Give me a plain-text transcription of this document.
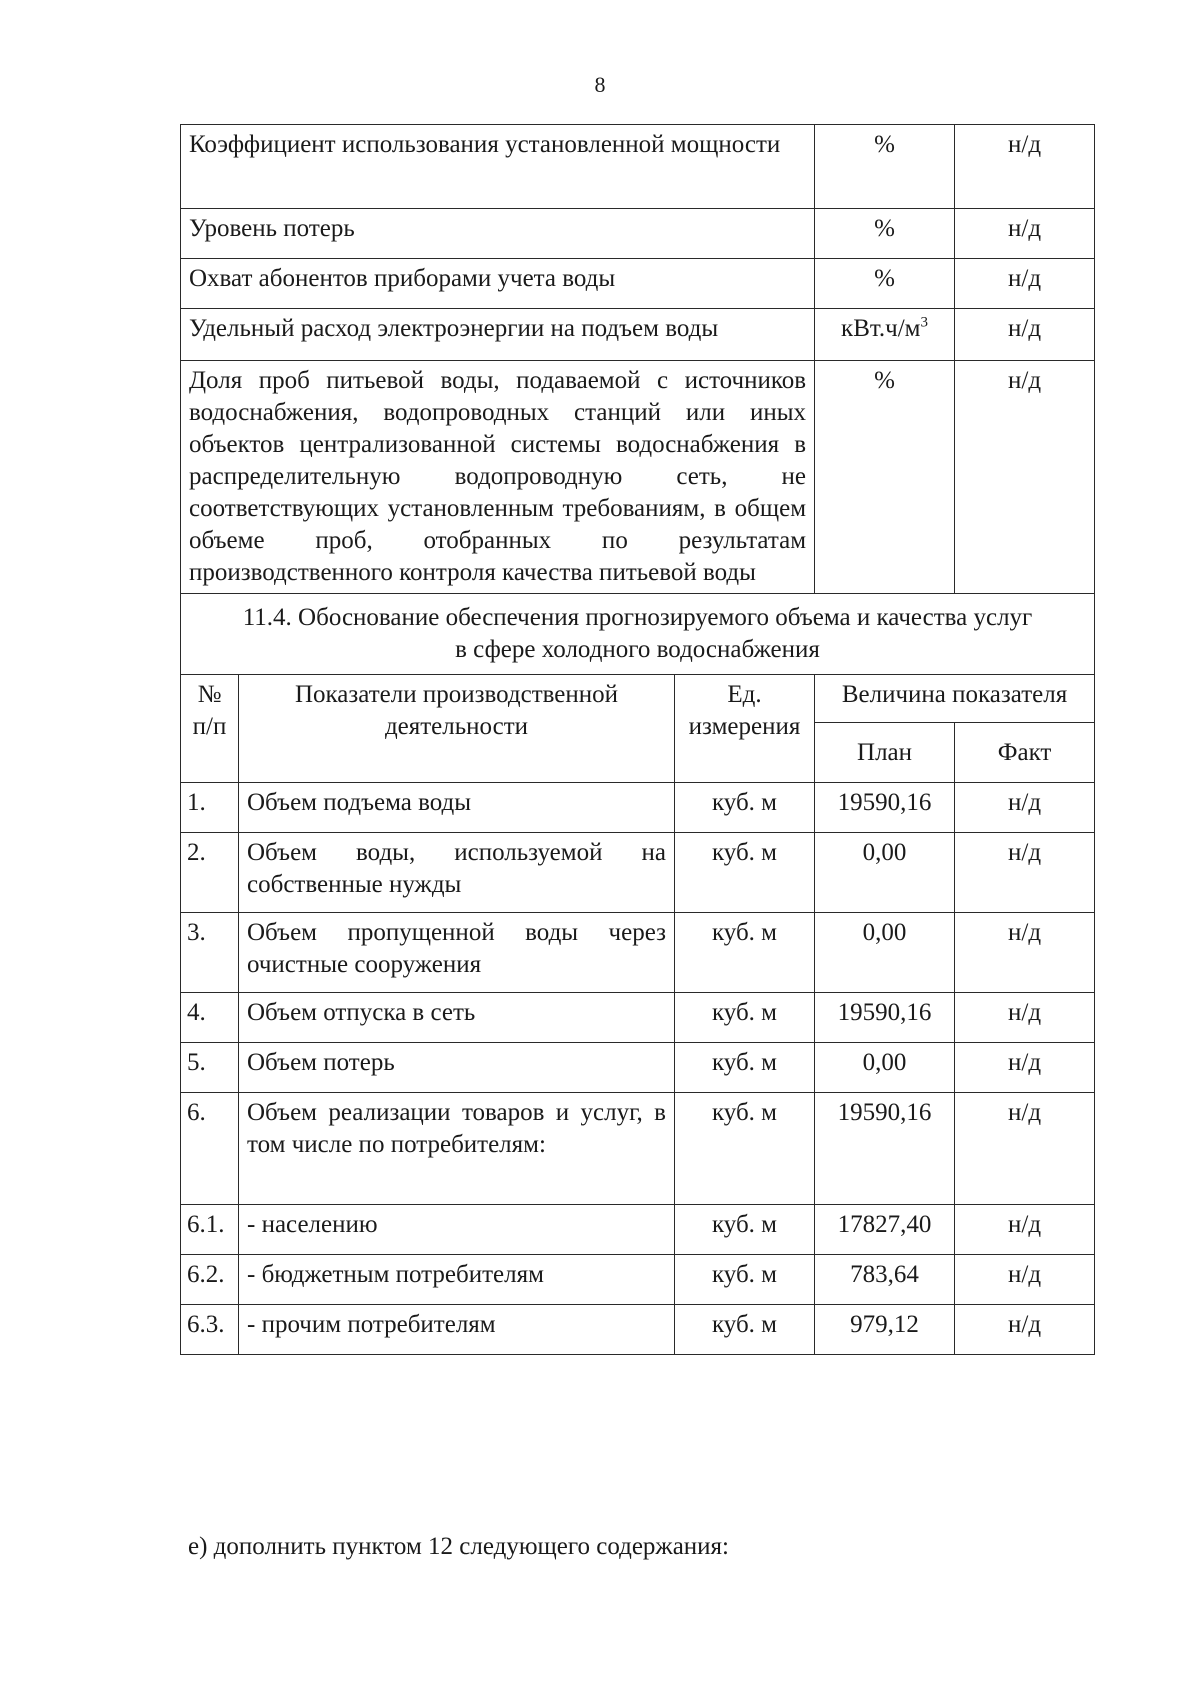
8
Коэффициент использования установленной мощности			%	н/д
Уровень потерь			%	н/д
Охват абонентов приборами учета воды			%	н/д
Удельный расход электроэнергии на подъем воды			$кВт.ч/м^3$	н/д
Доля проб питьевой воды, подаваемой с источников водоснабжения, водопроводных станций или иных объектов централизованной системы водоснабжения в распределительную водопроводную сеть, не соответствующих установленным требованиям, в общем объеме проб, отобранных по результатам производственного контроля качества питьевой воды			%	н/д

11.4. Обоснование обеспечения прогнозируемого объема и качества услуг
в сфере холодного водоснабжения				

№ п/п	Показатели производственной деятельности	Ед. измерения	Величина показателя	
			План	Факт
1.	Объем подъема воды	куб. м	19590,16	н/д
2.	Объем воды, используемой на собственные нужды	куб. м	0,00	н/д
3.	Объем пропущенной воды через очистные сооружения	куб. м	0,00	н/д
4.	Объем отпуска в сеть	куб. м	19590,16	н/д
5.	Объем потерь	куб. м	0,00	н/д
6.	Объем реализации товаров и услуг, в том числе по потребителям:	куб. м	19590,16	н/д
6.1.	- населению	куб. м	17827,40	н/д
6.2.	- бюджетным потребителям	куб. м	783,64	н/д
6.3.	- прочим потребителям	куб. м	979,12	н/д
е) дополнить пунктом 12 следующего содержания:
